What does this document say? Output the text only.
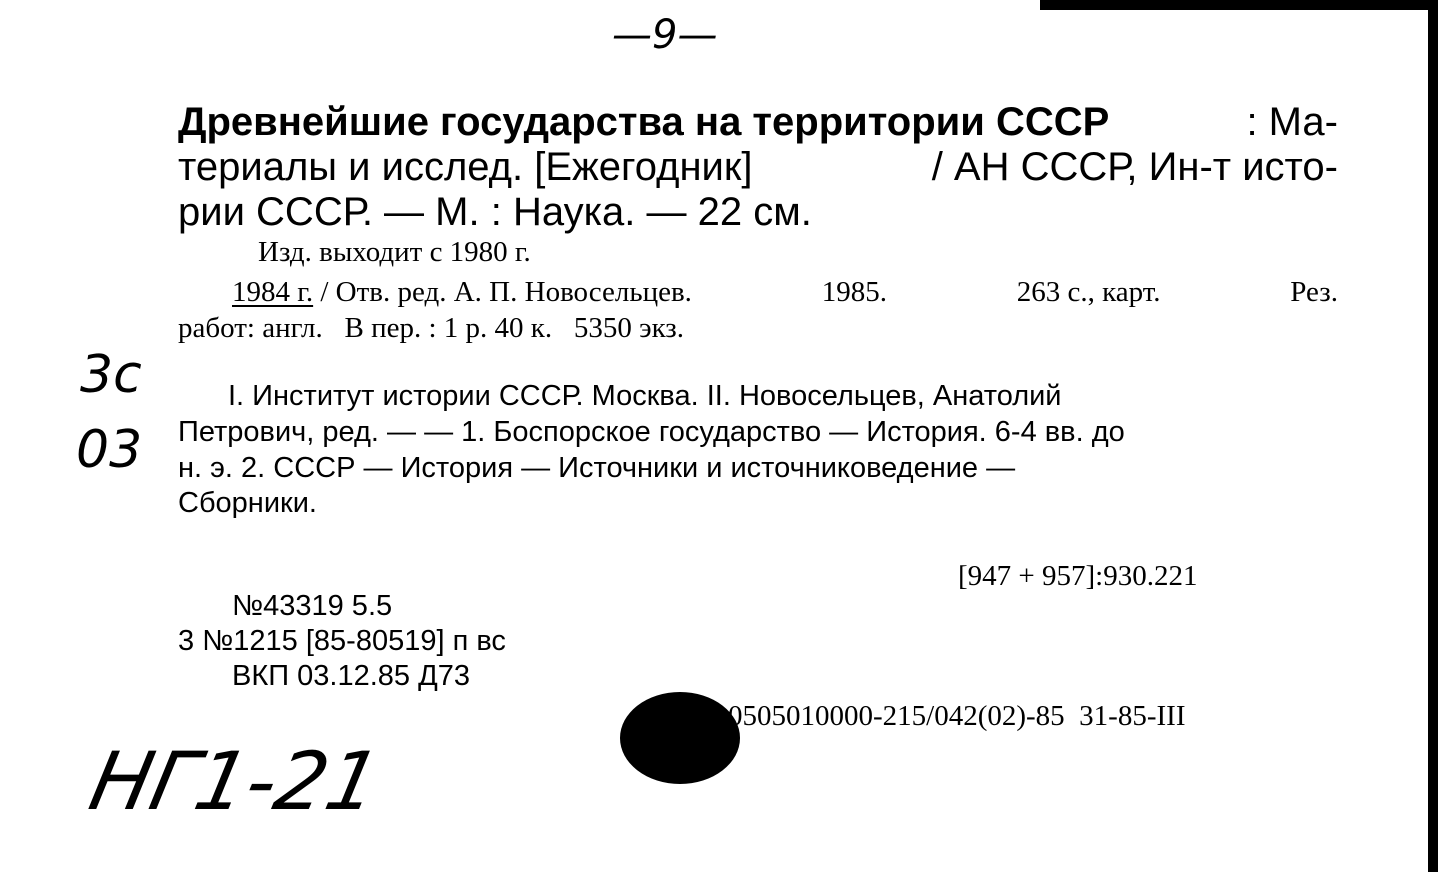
—9—
Древнейшие государства на территории СССР	: Ма-
териалы и исслед. [Ежегодник]	/ АН СССР, Ин-т исто-
рии СССР. — М. : Наука. — 22 см.
Изд. выходит с 1980 г.
1984 г. / Отв. ред. А. П. Новосельцев.	1985.	263 с., карт.	Рез.
работ: англ.   В пер. : 1 р. 40 к.   5350 экз.
I. Институт истории СССР. Москва. II. Новосельцев, Анатолий
Петрович, ред. — — 1. Боспорское государство — История. 6-4 вв. до
н. э. 2. СССР — История — Источники и источниковедение —
Сборники.
[947 + 957]:930.221
№43319 5.5
3 №1215 [85-80519] п вс
ВКП 03.12.85 Д73
0505010000-215/042(02)-85  31-85-III
3с
03
НГ1-21
